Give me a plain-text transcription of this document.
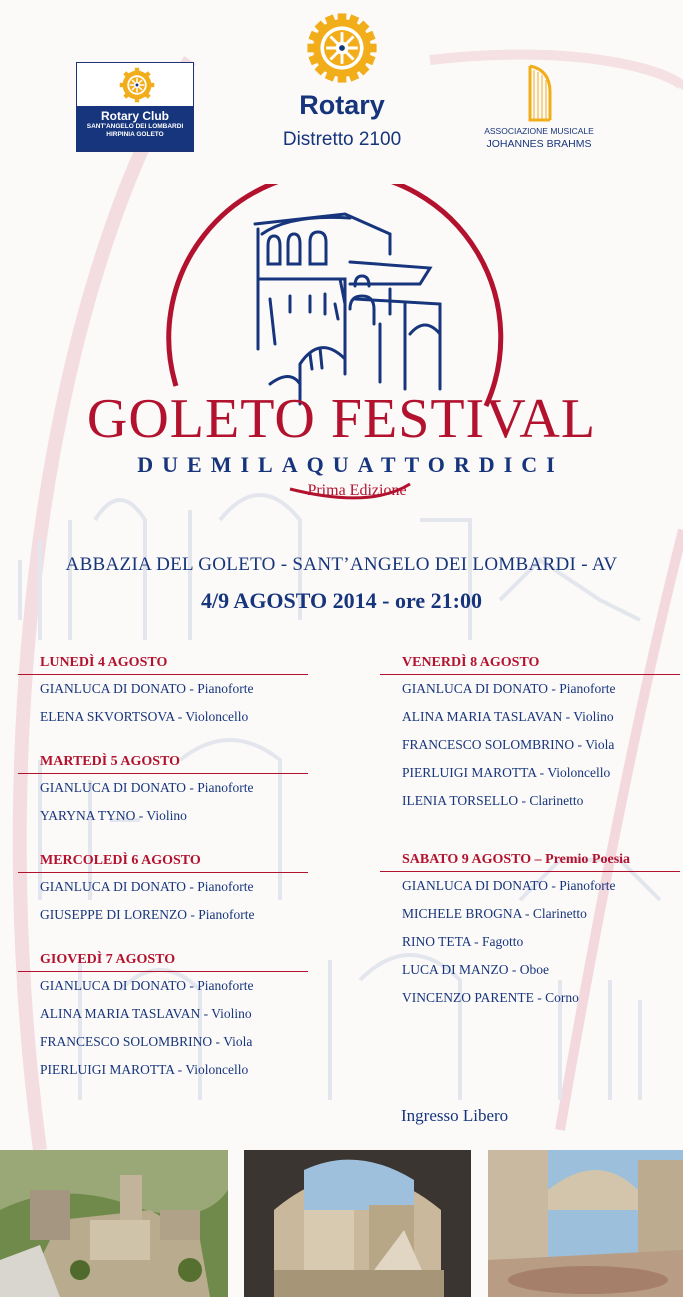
Rotary Club
SANT'ANGELO DEI LOMBARDI
HIRPINIA GOLETO
Rotary
Distretto 2100	ASSOCIAZIONE MUSICALE
JOHANNES BRAHMS
GOLETO FESTIVAL
DUEMILAQUATTORDICI
Prima Edizione
ABBAZIA DEL GOLETO - SANT’ANGELO DEI LOMBARDI - AV
4/9 AGOSTO 2014 - ore 21:00
LUNEDÌ 4 AGOSTO
GIANLUCA DI DONATO - Pianoforte
ELENA SKVORTSOVA - Violoncello
MARTEDÌ 5 AGOSTO
GIANLUCA DI DONATO - Pianoforte
YARYNA TYNO - Violino
MERCOLEDÌ 6 AGOSTO
GIANLUCA DI DONATO - Pianoforte
GIUSEPPE DI LORENZO - Pianoforte
GIOVEDÌ 7 AGOSTO
GIANLUCA DI DONATO - Pianoforte
ALINA MARIA TASLAVAN - Violino
FRANCESCO SOLOMBRINO - Viola
PIERLUIGI MAROTTA - Violoncello
VENERDÌ 8 AGOSTO
GIANLUCA DI DONATO - Pianoforte
ALINA MARIA TASLAVAN - Violino
FRANCESCO SOLOMBRINO - Viola
PIERLUIGI MAROTTA - Violoncello
ILENIA TORSELLO - Clarinetto
SABATO 9 AGOSTO – Premio Poesia
GIANLUCA DI DONATO - Pianoforte
MICHELE BROGNA - Clarinetto
RINO TETA - Fagotto
LUCA DI MANZO - Oboe
VINCENZO PARENTE - Corno
Ingresso Libero
